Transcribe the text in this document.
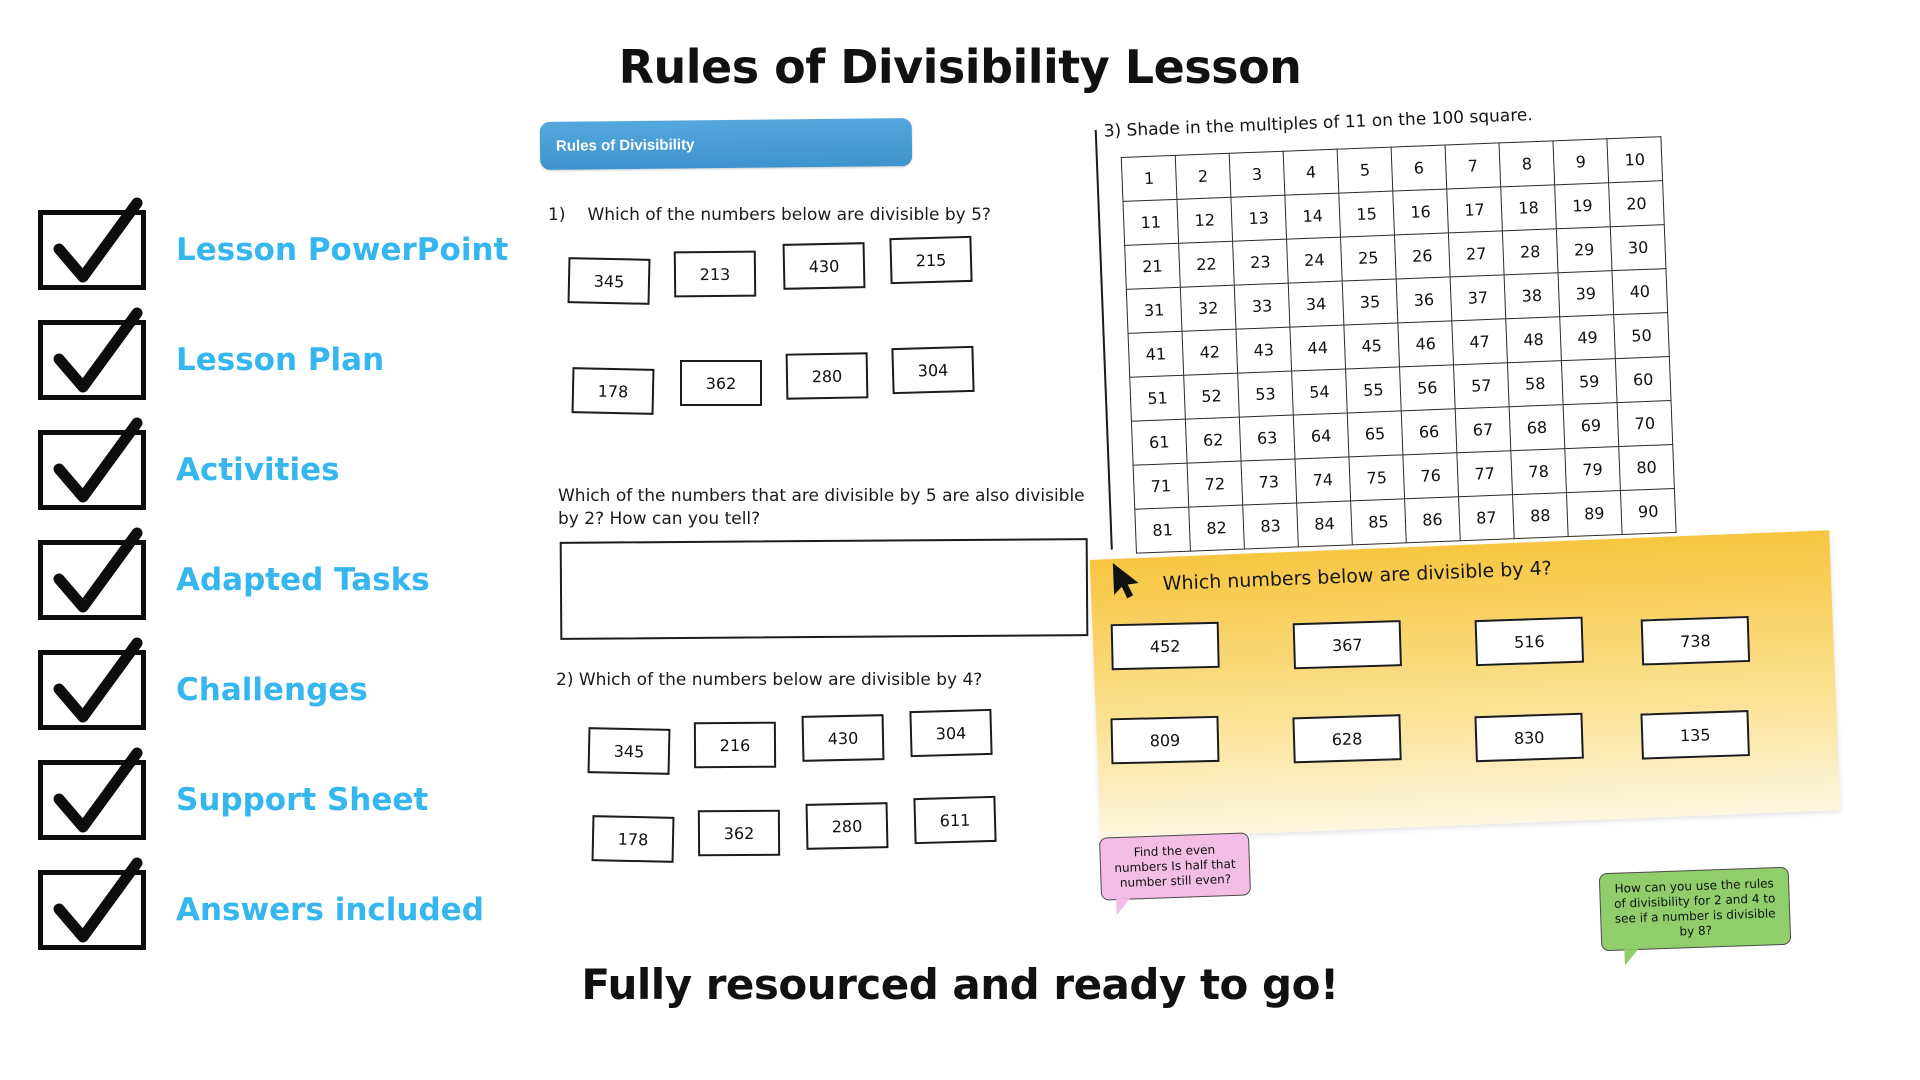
Rules of Divisibility Lesson
Lesson PowerPoint
Lesson Plan
Activities
Adapted Tasks
Challenges
Support Sheet
Answers included
Rules of Divisibility
1) Which of the numbers below are divisible by 5?
345	213	430	215
178	362	280	304
Which of the numbers that are divisible by 5 are also divisible by 2? How can you tell?
2) Which of the numbers below are divisible by 4?
345	216	430	304
178	362	280	611
3) Shade in the multiples of 11 on the 100 square.
1	2	3	4	5	6	7	8	9	10
11	12	13	14	15	16	17	18	19	20
21	22	23	24	25	26	27	28	29	30
31	32	33	34	35	36	37	38	39	40
41	42	43	44	45	46	47	48	49	50
51	52	53	54	55	56	57	58	59	60
61	62	63	64	65	66	67	68	69	70
71	72	73	74	75	76	77	78	79	80
81	82	83	84	85	86	87	88	89	90
Which numbers below are divisible by 4?
452	367	516	738
809	628	830	135
Find the even numbers Is half that number still even?	How can you use the rules of divisibility for 2 and 4 to see if a number is divisible by 8?
Fully resourced and ready to go!
